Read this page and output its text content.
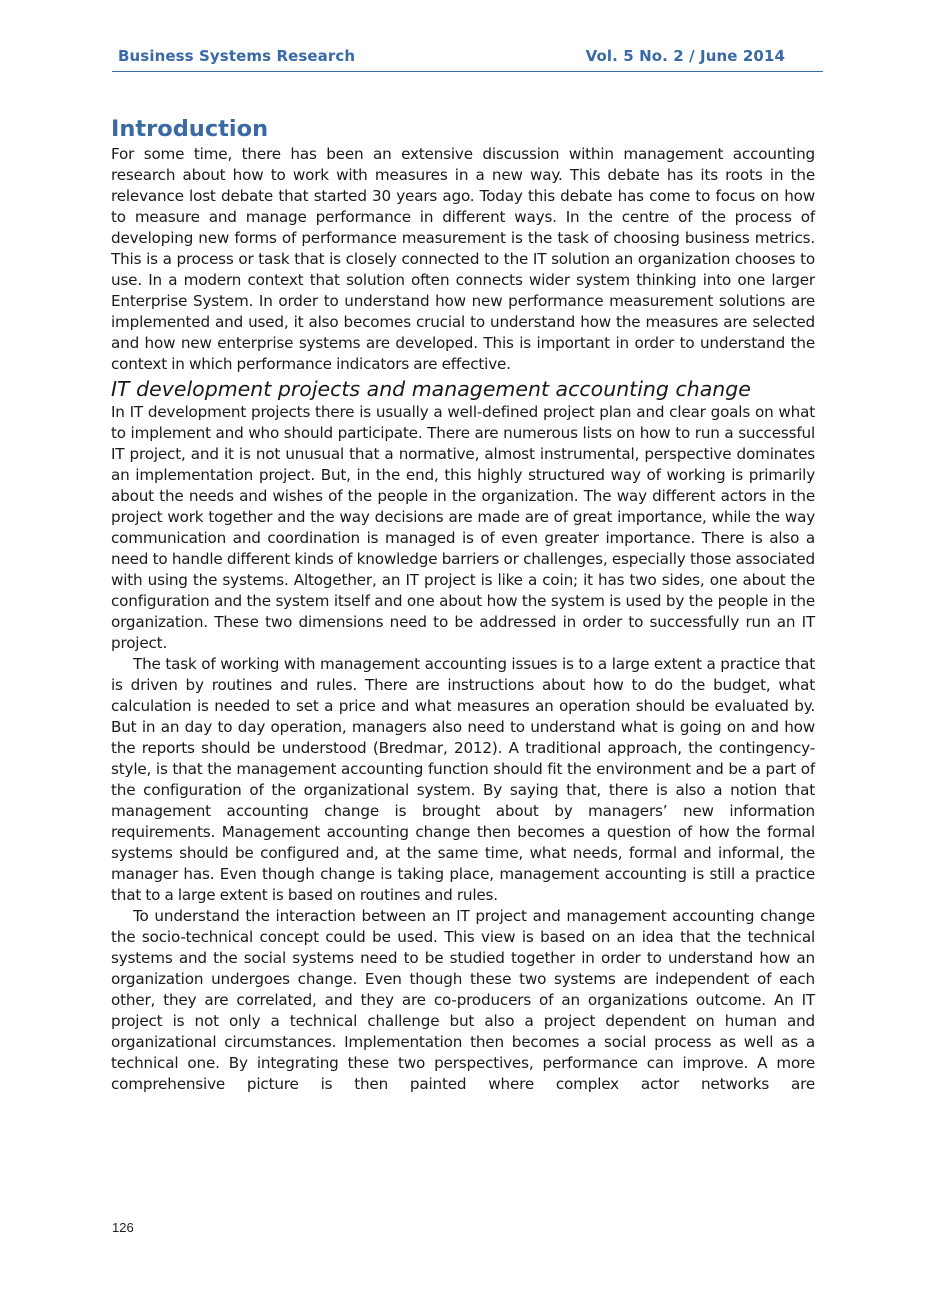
Business Systems Research	Vol. 5 No. 2 / June 2014
Introduction

For some time, there has been an extensive discussion within management accounting research about how to work with measures in a new way. This debate has its roots in the relevance lost debate that started 30 years ago. Today this debate has come to focus on how to measure and manage performance in different ways. In the centre of the process of developing new forms of performance measurement is the task of choosing business metrics. This is a process or task that is closely connected to the IT solution an organization chooses to use. In a modern context that solution often connects wider system thinking into one larger Enterprise System. In order to understand how new performance measurement solutions are implemented and used, it also becomes crucial to understand how the measures are selected and how new enterprise systems are developed. This is important in order to understand the context in which performance indicators are effective.

IT development projects and management accounting change

In IT development projects there is usually a well-defined project plan and clear goals on what to implement and who should participate. There are numerous lists on how to run a successful IT project, and it is not unusual that a normative, almost instrumental, perspective dominates an implementation project. But, in the end, this highly structured way of working is primarily about the needs and wishes of the people in the organization. The way different actors in the project work together and the way decisions are made are of great importance, while the way communication and coordination is managed is of even greater importance. There is also a need to handle different kinds of knowledge barriers or challenges, especially those associated with using the systems. Altogether, an IT project is like a coin; it has two sides, one about the configuration and the system itself and one about how the system is used by the people in the organization. These two dimensions need to be addressed in order to successfully run an IT project.

The task of working with management accounting issues is to a large extent a practice that is driven by routines and rules. There are instructions about how to do the budget, what calculation is needed to set a price and what measures an operation should be evaluated by. But in an day to day operation, managers also need to understand what is going on and how the reports should be understood (Bredmar, 2012). A traditional approach, the contingency- style, is that the management accounting function should fit the environment and be a part of the configuration of the organizational system. By saying that, there is also a notion that management accounting change is brought about by managers’ new information requirements. Management accounting change then becomes a question of how the formal systems should be configured and, at the same time, what needs, formal and informal, the manager has. Even though change is taking place, management accounting is still a practice that to a large extent is based on routines and rules.

To understand the interaction between an IT project and management accounting change the socio-technical concept could be used. This view is based on an idea that the technical systems and the social systems need to be studied together in order to understand how an organization undergoes change. Even though these two systems are independent of each other, they are correlated, and they are co-producers of an organizations outcome. An IT project is not only a technical challenge but also a project dependent on human and organizational circumstances. Implementation then becomes a social process as well as a technical one. By integrating these two perspectives, performance can improve. A more comprehensive picture is then painted where complex actor networks are

126
